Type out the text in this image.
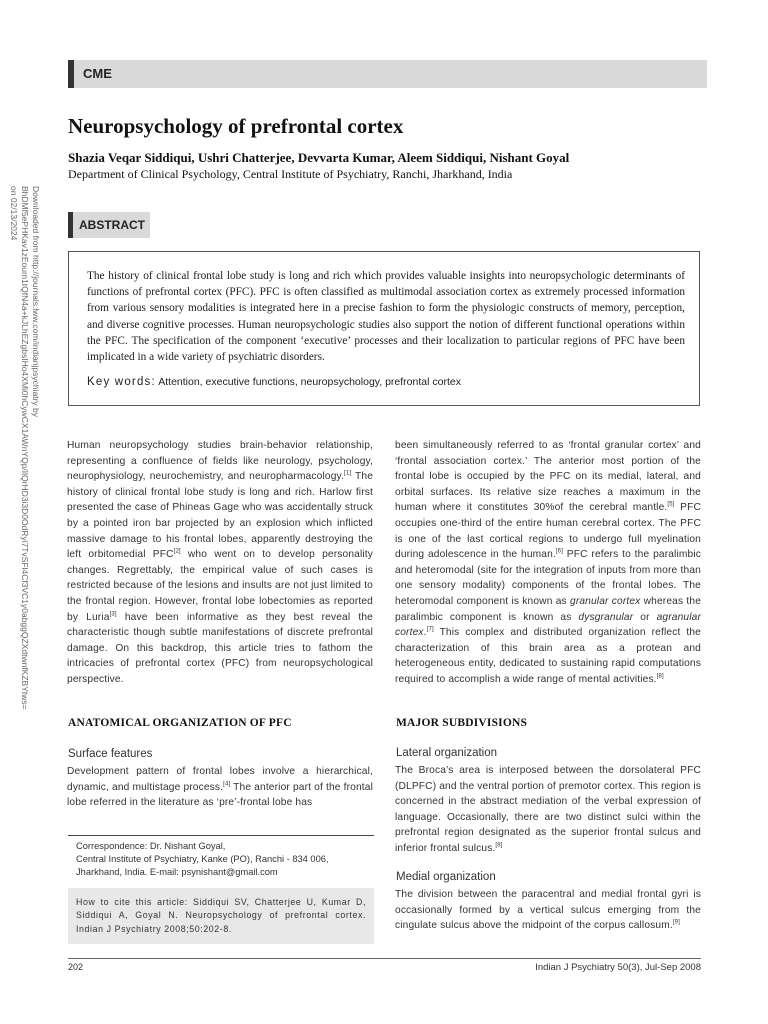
CME
Neuropsychology of prefrontal cortex
Shazia Veqar Siddiqui, Ushri Chatterjee, Devvarta Kumar, Aleem Siddiqui, Nishant Goyal
Department of Clinical Psychology, Central Institute of Psychiatry, Ranchi, Jharkhand, India
Downloaded from http://journals.lww.com/indianjpsychiatry by BhDMf5ePHKav1zEoum1tQfN4a+kJLhEZgbsIHo4XMi0hCywCX1AWnYQp/IlQrHD3i3D0OdRyi7TvSFl4Cf3VC1y0abggQZXdtwnfKZBYtws= on 02/13/2024	ABSTRACT

The history of clinical frontal lobe study is long and rich which provides valuable insights into neuropsychologic determinants of functions of prefrontal cortex (PFC). PFC is often classified as multimodal association cortex as extremely processed information from various sensory modalities is integrated here in a precise fashion to form the physiologic constructs of memory, perception, and diverse cognitive processes. Human neuropsychologic studies also support the notion of different functional operations within the PFC. The specification of the component ‘executive’ processes and their localization to particular regions of PFC have been implicated in a wide variety of psychiatric disorders.

Key words: Attention, executive functions, neuropsychology, prefrontal cortex

Human neuropsychology studies brain-behavior relationship, representing a confluence of fields like neurology, psychology, neurophysiology, neurochemistry, and neuropharmacology.[1] The history of clinical frontal lobe study is long and rich. Harlow first presented the case of Phineas Gage who was accidentally struck by a pointed iron bar projected by an explosion which inflicted massive damage to his frontal lobes, apparently destroying the left orbitomedial PFC[2] who went on to develop personality changes. Regrettably, the empirical value of such cases is restricted because of the lesions and insults are not just limited to the frontal region. However, frontal lobe lobectomies as reported by Luria[3] have been informative as they best reveal the characteristic though subtle manifestations of discrete prefrontal damage. On this backdrop, this article tries to fathom the intricacies of prefrontal cortex (PFC) from neuropsychological perspective.

ANATOMICAL ORGANIZATION OF PFC
Surface features

Development pattern of frontal lobes involve a hierarchical, dynamic, and multistage process.[4] The anterior part of the frontal lobe referred in the literature as ‘pre’-frontal lobe has

Correspondence: Dr. Nishant Goyal,
Central Institute of Psychiatry, Kanke (PO), Ranchi - 834 006,
Jharkhand, India. E-mail: psynishant@gmail.com
How to cite this article: Siddiqui SV, Chatterjee U, Kumar D, Siddiqui A, Goyal N. Neuropsychology of prefrontal cortex. Indian J Psychiatry 2008;50:202-8.

been simultaneously referred to as ‘frontal granular cortex’ and ‘frontal association cortex.’ The anterior most portion of the frontal lobe is occupied by the PFC on its medial, lateral, and orbital surfaces. Its relative size reaches a maximum in the human where it constitutes 30%of the cerebral mantle.[5] PFC occupies one-third of the entire human cerebral cortex. The PFC is one of the last cortical regions to undergo full myelination during adolescence in the human.[6] PFC refers to the paralimbic and heteromodal (site for the integration of inputs from more than one sensory modality) components of the frontal lobes. The heteromodal component is known as granular cortex whereas the paralimbic component is known as dysgranular or agranular cortex.[7] This complex and distributed organization reflect the characterization of this brain area as a protean and heterogeneous entity, dedicated to sustaining rapid computations required to accomplish a wide range of mental activities.[8]

MAJOR SUBDIVISIONS
Lateral organization

The Broca’s area is interposed between the dorsolateral PFC (DLPFC) and the ventral portion of premotor cortex. This region is concerned in the abstract mediation of the verbal expression of language. Occasionally, there are two distinct sulci within the prefrontal region designated as the superior frontal sulcus and inferior frontal sulcus.[8]

Medial organization

The division between the paracentral and medial frontal gyri is occasionally formed by a vertical sulcus emerging from the cingulate sulcus above the midpoint of the corpus callosum.[9]

202	Indian J Psychiatry 50(3), Jul-Sep 2008
